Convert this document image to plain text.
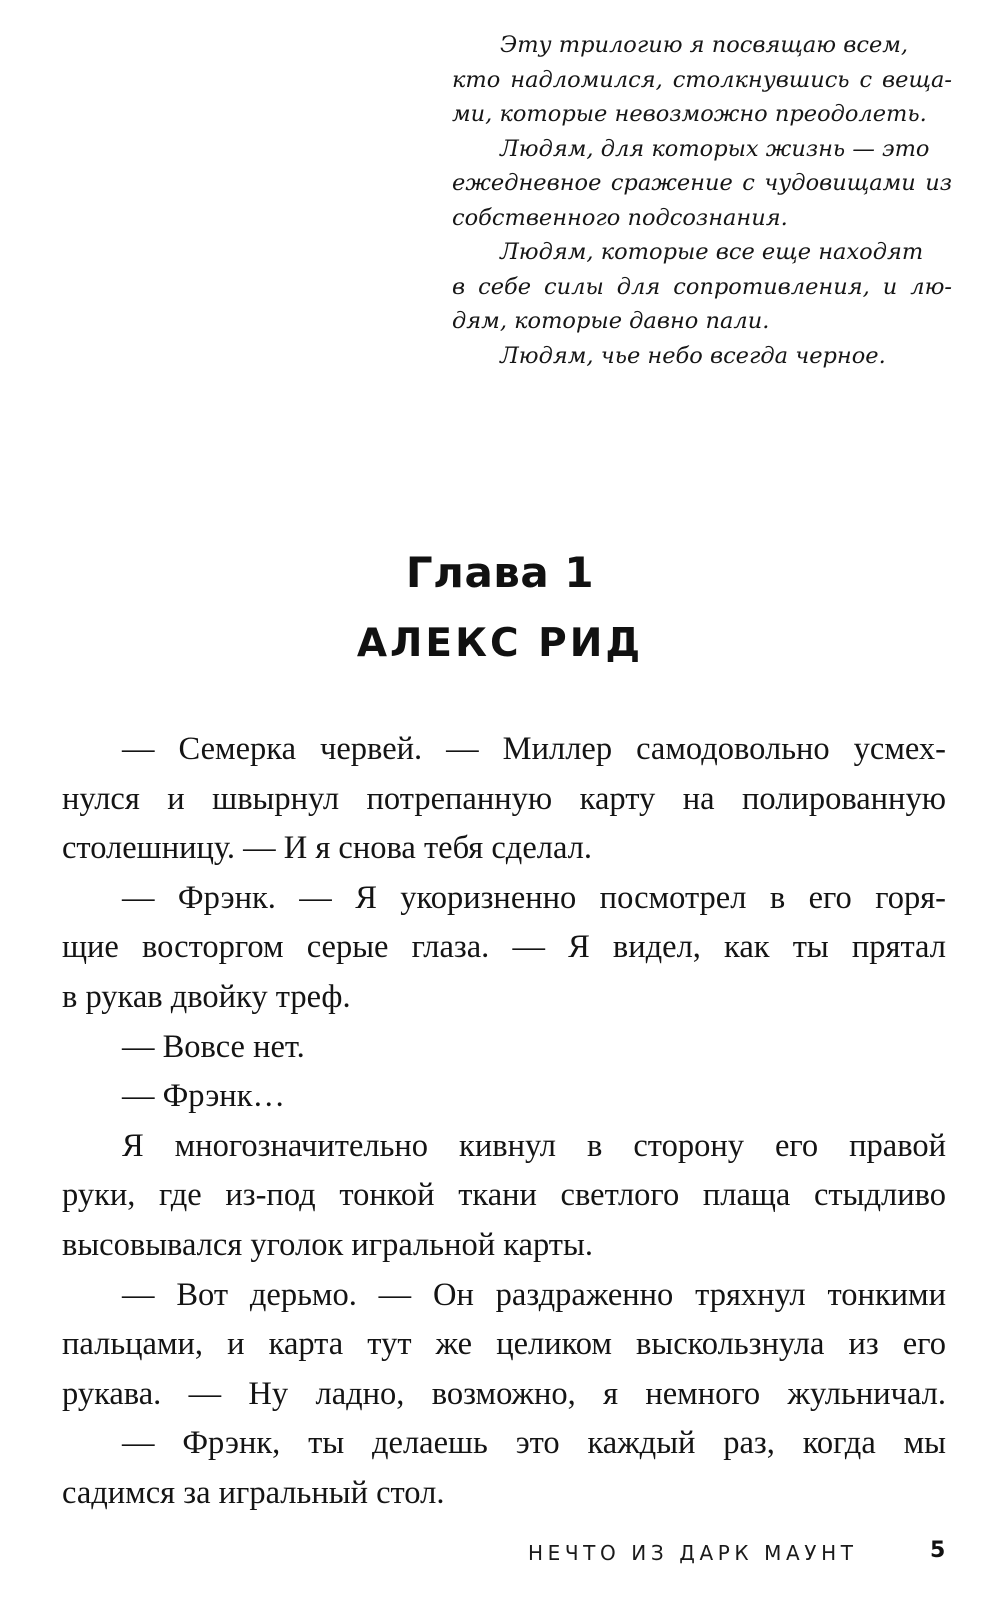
Эту трилогию я посвящаю всем,
кто надломился, столкнувшись с веща-
ми, которые невозможно преодолеть.
Людям, для которых жизнь — это
ежедневное сражение с чудовищами из
собственного подсознания.
Людям, которые все еще находят
в себе силы для сопротивления, и лю-
дям, которые давно пали.
Людям, чье небо всегда черное.
Глава 1
АЛЕКС РИД
— Семерка червей. — Миллер самодовольно усмех-
нулся и швырнул потрепанную карту на полированную
столешницу. — И я снова тебя сделал.
— Фрэнк. — Я укоризненно посмотрел в его горя-
щие восторгом серые глаза. — Я видел, как ты прятал
в рукав двойку треф.
— Вовсе нет.
— Фрэнк…
Я многозначительно кивнул в сторону его правой
руки, где из-под тонкой ткани светлого плаща стыдливо
высовывался уголок игральной карты.
— Вот дерьмо. — Он раздраженно тряхнул тонкими
пальцами, и карта тут же целиком выскользнула из его
рукава. — Ну ладно, возможно, я немного жульничал.
— Фрэнк, ты делаешь это каждый раз, когда мы
садимся за игральный стол.
НЕЧТО ИЗ ДАРК МАУНТ	5
